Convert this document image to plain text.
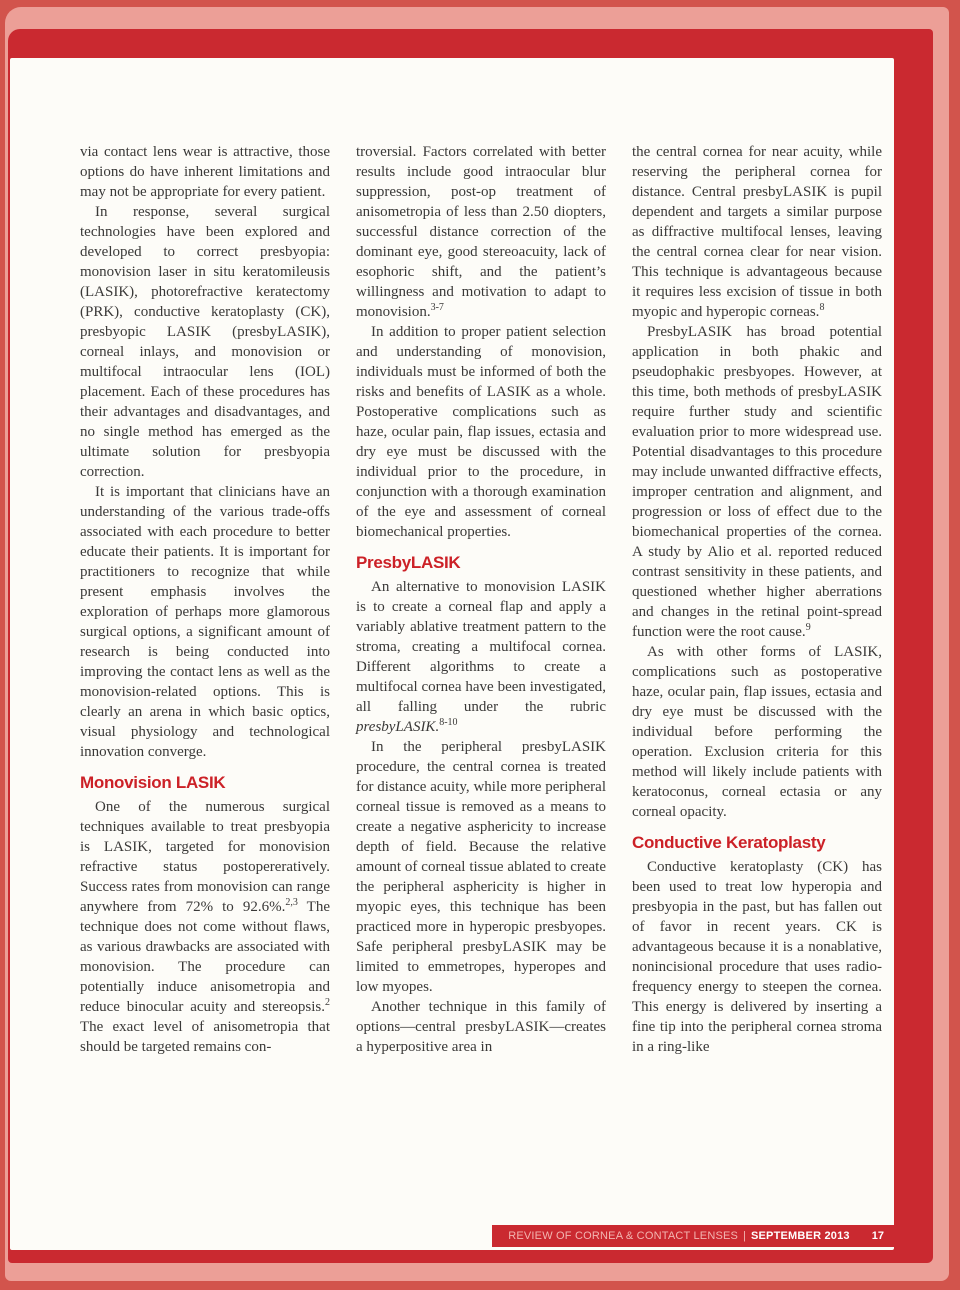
via contact lens wear is attractive, those options do have inherent limitations and may not be appropriate for every patient.

In response, several surgical technologies have been explored and developed to correct presbyopia: monovision laser in situ keratomileusis (LASIK), photorefractive keratectomy (PRK), conductive keratoplasty (CK), presbyopic LASIK (presbyLASIK), corneal inlays, and monovision or multifocal intraocular lens (IOL) placement. Each of these procedures has their advantages and disadvantages, and no single method has emerged as the ultimate solution for presbyopia correction.

It is important that clinicians have an understanding of the various trade-offs associated with each procedure to better educate their patients. It is important for practitioners to recognize that while present emphasis involves the exploration of perhaps more glamorous surgical options, a significant amount of research is being conducted into improving the contact lens as well as the monovision-related options. This is clearly an arena in which basic optics, visual physiology and technological innovation converge.

Monovision LASIK

One of the numerous surgical techniques available to treat presbyopia is LASIK, targeted for monovision refractive status postopereratively. Success rates from monovision can range anywhere from 72% to 92.6%.$^{2,3}$ The technique does not come without flaws, as various drawbacks are associated with monovision. The procedure can potentially induce anisometropia and reduce binocular acuity and stereopsis.$^2$ The exact level of anisometropia that should be targeted remains con-

troversial. Factors correlated with better results include good intraocular blur suppression, post-op treatment of anisometropia of less than 2.50 diopters, successful distance correction of the dominant eye, good stereoacuity, lack of esophoric shift, and the patient’s willingness and motivation to adapt to monovision.$^{3-7}$

In addition to proper patient selection and understanding of monovision, individuals must be informed of both the risks and benefits of LASIK as a whole. Postoperative complications such as haze, ocular pain, flap issues, ectasia and dry eye must be discussed with the individual prior to the procedure, in conjunction with a thorough examination of the eye and assessment of corneal biomechanical properties.

PresbyLASIK

An alternative to monovision LASIK is to create a corneal flap and apply a variably ablative treatment pattern to the stroma, creating a multifocal cornea. Different algorithms to create a multifocal cornea have been investigated, all falling under the rubric presbyLASIK.$^{8-10}$

In the peripheral presbyLASIK procedure, the central cornea is treated for distance acuity, while more peripheral corneal tissue is removed as a means to create a negative asphericity to increase depth of field. Because the relative amount of corneal tissue ablated to create the peripheral asphericity is higher in myopic eyes, this technique has been practiced more in hyperopic presbyopes. Safe peripheral presbyLASIK may be limited to emmetropes, hyperopes and low myopes.

Another technique in this family of options—central presbyLASIK—creates a hyperpositive area in

the central cornea for near acuity, while reserving the peripheral cornea for distance. Central presbyLASIK is pupil dependent and targets a similar purpose as diffractive multifocal lenses, leaving the central cornea clear for near vision. This technique is advantageous because it requires less excision of tissue in both myopic and hyperopic corneas.$^8$

PresbyLASIK has broad potential application in both phakic and pseudophakic presbyopes. However, at this time, both methods of presbyLASIK require further study and scientific evaluation prior to more widespread use. Potential disadvantages to this procedure may include unwanted diffractive effects, improper centration and alignment, and progression or loss of effect due to the biomechanical properties of the cornea. A study by Alio et al. reported reduced contrast sensitivity in these patients, and questioned whether higher aberrations and changes in the retinal point-spread function were the root cause.$^9$

As with other forms of LASIK, complications such as postoperative haze, ocular pain, flap issues, ectasia and dry eye must be discussed with the individual before performing the operation. Exclusion criteria for this method will likely include patients with keratoconus, corneal ectasia or any corneal opacity.

Conductive Keratoplasty

Conductive keratoplasty (CK) has been used to treat low hyperopia and presbyopia in the past, but has fallen out of favor in recent years. CK is advantageous because it is a nonablative, nonincisional procedure that uses radio-frequency energy to steepen the cornea. This energy is delivered by inserting a fine tip into the peripheral cornea stroma in a ring-like

REVIEW OF CORNEA & CONTACT LENSES | SEPTEMBER 2013 17
